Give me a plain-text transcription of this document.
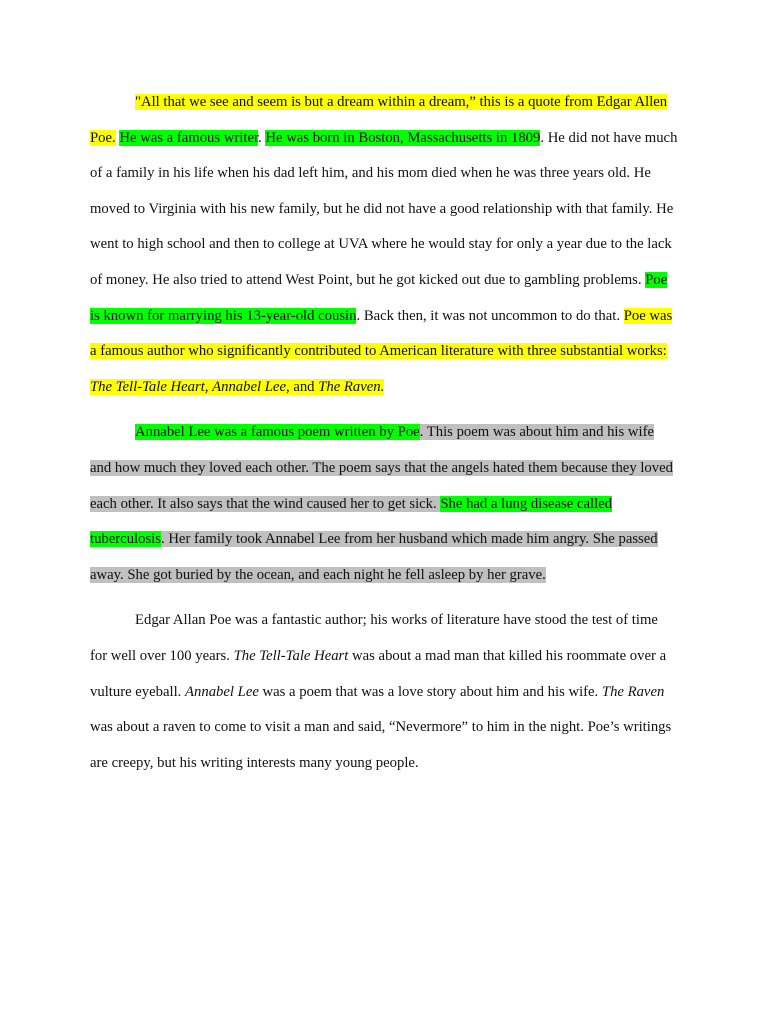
"All that we see and seem is but a dream within a dream,” this is a quote from Edgar Allen Poe. He was a famous writer. He was born in Boston, Massachusetts in 1809. He did not have much of a family in his life when his dad left him, and his mom died when he was three years old. He moved to Virginia with his new family, but he did not have a good relationship with that family. He went to high school and then to college at UVA where he would stay for only a year due to the lack of money. He also tried to attend West Point, but he got kicked out due to gambling problems. Poe is known for marrying his 13-year-old cousin. Back then, it was not uncommon to do that. Poe was a famous author who significantly contributed to American literature with three substantial works: The Tell-Tale Heart, Annabel Lee, and The Raven.

Annabel Lee was a famous poem written by Poe. This poem was about him and his wife and how much they loved each other. The poem says that the angels hated them because they loved each other. It also says that the wind caused her to get sick. She had a lung disease called tuberculosis. Her family took Annabel Lee from her husband which made him angry. She passed away. She got buried by the ocean, and each night he fell asleep by her grave.

Edgar Allan Poe was a fantastic author; his works of literature have stood the test of time for well over 100 years. The Tell-Tale Heart was about a mad man that killed his roommate over a vulture eyeball. Annabel Lee was a poem that was a love story about him and his wife. The Raven was about a raven to come to visit a man and said, “Nevermore” to him in the night. Poe’s writings are creepy, but his writing interests many young people.
